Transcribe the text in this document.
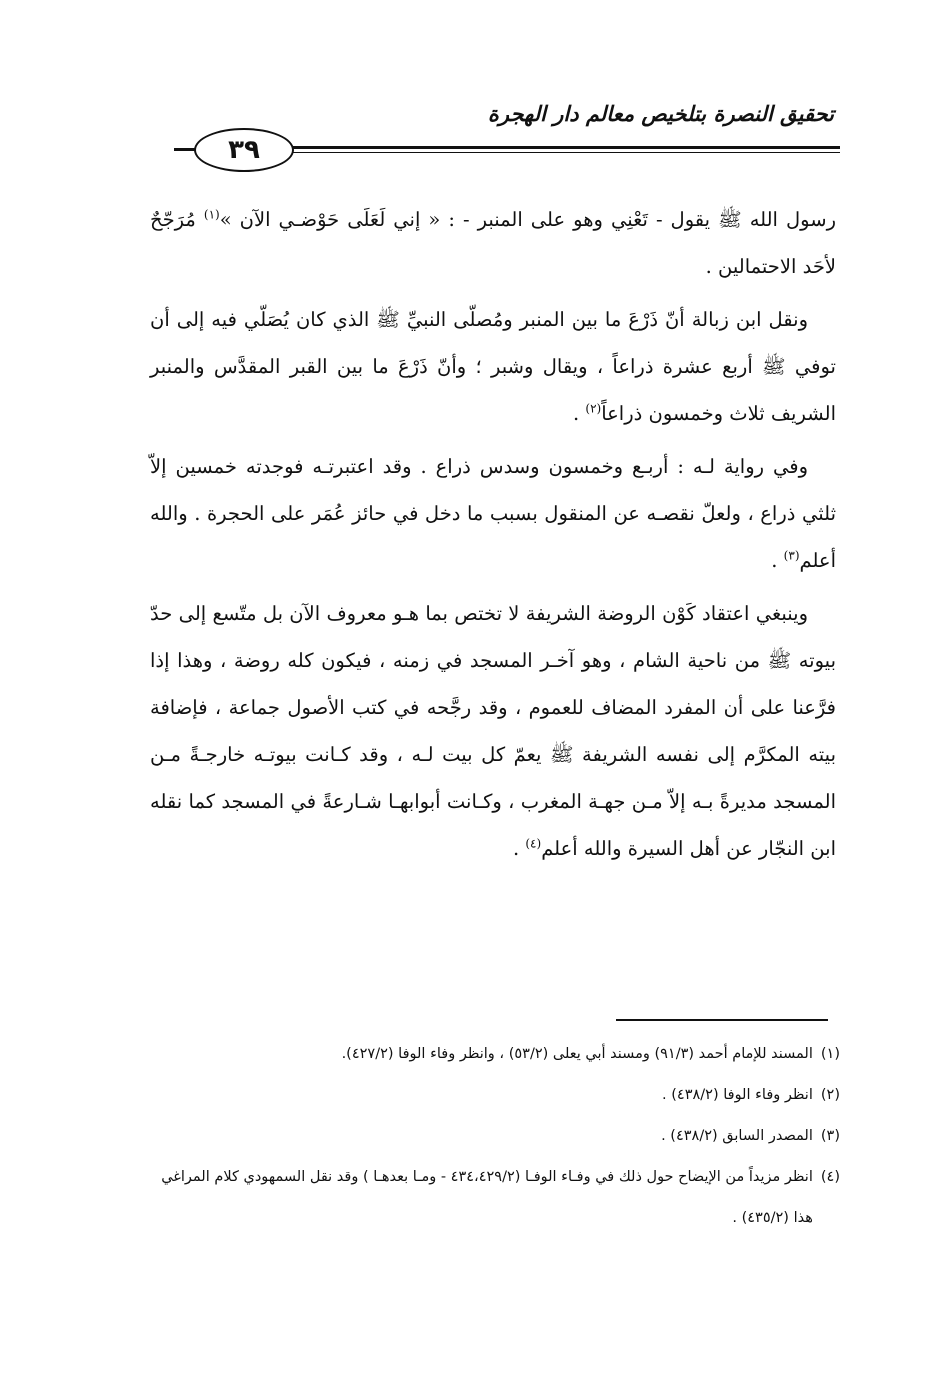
تحقيق النصرة بتلخيص معالم دار الهجرة
٣٩

رسول الله ﷺ يقول - تَعْنِي وهو على المنبر - : « إني لَعَلَى حَوْضـي الآن »$^{(١)}$ مُرَجّحٌ لأحَد الاحتمالين .

ونقل ابن زبالة أنّ ذَرْعَ ما بين المنبر ومُصلّى النبيِّ ﷺ الذي كان يُصَلّي فيه إلى أن توفي ﷺ أربع عشرة ذراعاً ، ويقال وشبر ؛ وأنّ ذَرْعَ ما بين القبر المقدَّس والمنبر الشريف ثلاث وخمسون ذراعاً$^{(٢)}$ .

وفي رواية لـه : أربـع وخمسون وسدس ذراع . وقد اعتبرتـه فوجدته خمسين إلاّ ثلثي ذراع ، ولعلّ نقصـه عن المنقول بسبب ما دخل في حائز عُمَر على الحجرة . والله أعلم$^{(٣)}$ .

وينبغي اعتقاد كَوْن الروضة الشريفة لا تختص بما هـو معروف الآن بل متّسع إلى حدّ بيوته ﷺ من ناحية الشام ، وهو آخـر المسجد في زمنه ، فيكون كله روضة ، وهذا إذا فرَّعنا على أن المفرد المضاف للعموم ، وقد رجَّحه في كتب الأصول جماعة ، فإضافة بيته المكرَّم إلى نفسه الشريفة ﷺ يعمّ كل بيت لـه ، وقد كـانت بيوتـه خارجـةً مـن المسجد مديرةً بـه إلاّ مـن جهـة المغرب ، وكـانت أبوابهـا شـارعةً في المسجد كما نقله ابن النجّار عن أهل السيرة والله أعلم$^{(٤)}$ .

(١)
المسند للإمام أحمد (٩١/٣) ومسند أبي يعلى (٥٣/٢) ، وانظر وفاء الوفا (٤٢٧/٢).
(٢)
انظر وفاء الوفا (٤٣٨/٢) .
(٣)
المصدر السابق (٤٣٨/٢) .
(٤)
انظر مزيداً من الإيضاح حول ذلك في وفـاء الوفـا (٤٣٤،٤٢٩/٢ - ومـا بعدهـا ) وقد نقل السمهودي كلام المراغي هذا (٤٣٥/٢) .
